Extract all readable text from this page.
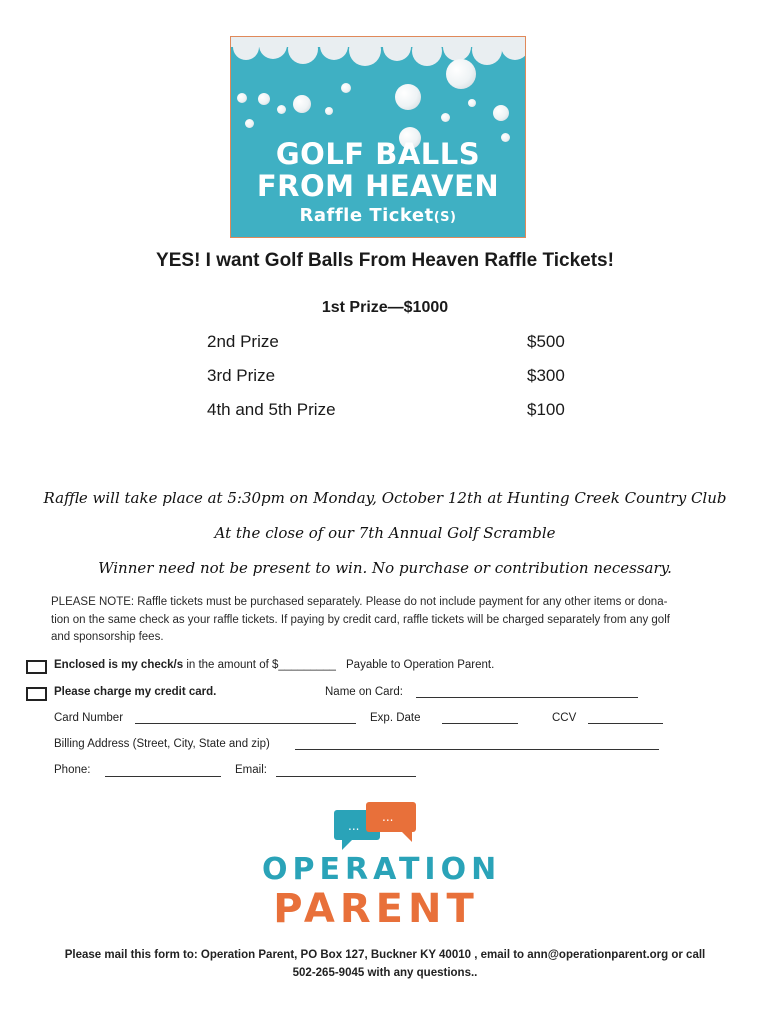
GOLF BALLS
FROM HEAVEN
Raffle Ticket(S)
YES! I want Golf Balls From Heaven Raffle Tickets!
1st Prize—$1000
2nd Prize	$500
3rd Prize	$300
4th and 5th Prize	$100
Raffle will take place at 5:30pm on Monday, October 12th at Hunting Creek Country Club
At the close of our 7th Annual Golf Scramble
Winner need not be present to win. No purchase or contribution necessary.
PLEASE NOTE: Raffle tickets must be purchased separately. Please do not include payment for any other items or dona-
tion on the same check as your raffle tickets. If paying by credit card, raffle tickets will be charged separately from any golf
and sponsorship fees.
Enclosed is my check/s in the amount of $_________ Payable to Operation Parent.
Please charge my credit card.	Name on Card:
Card Number	Exp. Date	CCV
Billing Address (Street, City, State and zip)
Phone:	Email:
...
...
OPERATION
PARENT
Please mail this form to: Operation Parent, PO Box 127, Buckner KY 40010 , email to ann@operationparent.org or call
502-265-9045 with any questions..
